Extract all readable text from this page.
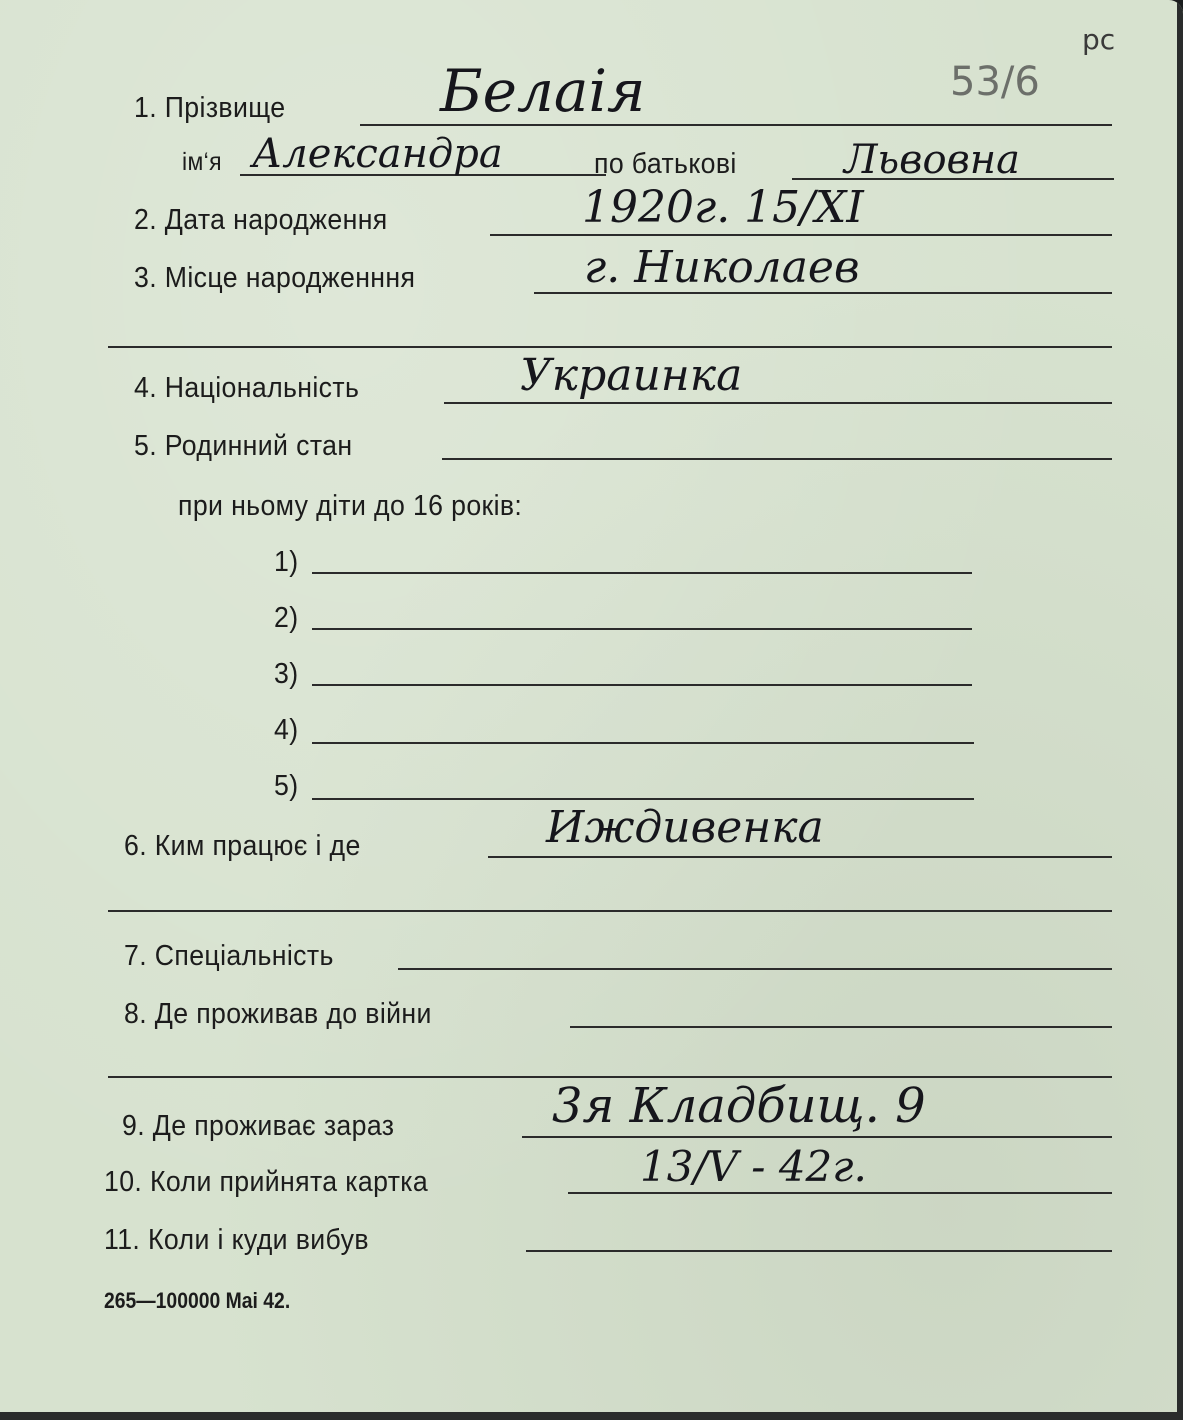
53/6
pc
1. Прізвище	Белаія
ім‘я Александра	по батькові	Львовна
2. Дата народження	1920г. 15/XI
3. Місце народженння	г. Николаев
4. Національність	Украинка
5. Родинний стан
при ньому діти до 16 років:
1)
2)
3)
4)
5)
6. Ким працює і де	Иждивенка
7. Спеціальність
8. Де проживав до війни
9. Де проживає зараз	3я Кладбищ. 9
10. Коли прийнята картка	13/V - 42г.
11. Коли і куди вибув
265—100000 Mai 42.
